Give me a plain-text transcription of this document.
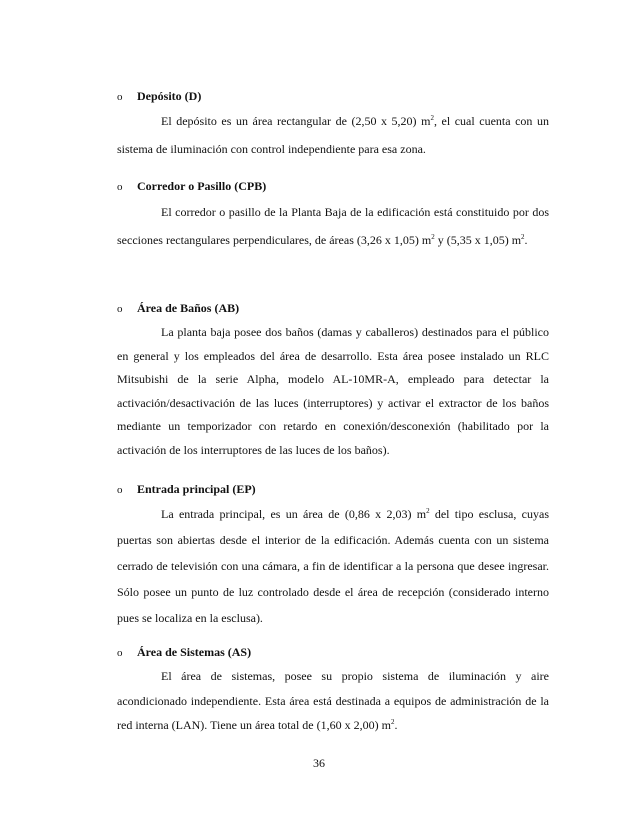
o Depósito (D)

El depósito es un área rectangular de (2,50 x 5,20) $m^2$, el cual cuenta con un sistema de iluminación con control independiente para esa zona.

o Corredor o Pasillo (CPB)

El corredor o pasillo de la Planta Baja de la edificación está constituido por dos secciones rectangulares perpendiculares, de áreas (3,26 x 1,05) $m^2$ y (5,35 x 1,05) $m^2$.

o Área de Baños (AB)

La planta baja posee dos baños (damas y caballeros) destinados para el público en general y los empleados del área de desarrollo. Esta área posee instalado un RLC Mitsubishi de la serie Alpha, modelo AL-10MR-A, empleado para detectar la activación/desactivación de las luces (interruptores) y activar el extractor de los baños mediante un temporizador con retardo en conexión/desconexión (habilitado por la activación de los interruptores de las luces de los baños).

o Entrada principal (EP)

La entrada principal, es un área de (0,86 x 2,03) $m^2$ del tipo esclusa, cuyas puertas son abiertas desde el interior de la edificación. Además cuenta con un sistema cerrado de televisión con una cámara, a fin de identificar a la persona que desee ingresar. Sólo posee un punto de luz controlado desde el área de recepción (considerado interno pues se localiza en la esclusa).

o Área de Sistemas (AS)

El área de sistemas, posee su propio sistema de iluminación y aire acondicionado independiente. Esta área está destinada a equipos de administración de la red interna (LAN). Tiene un área total de (1,60 x 2,00) $m^2$.

36
